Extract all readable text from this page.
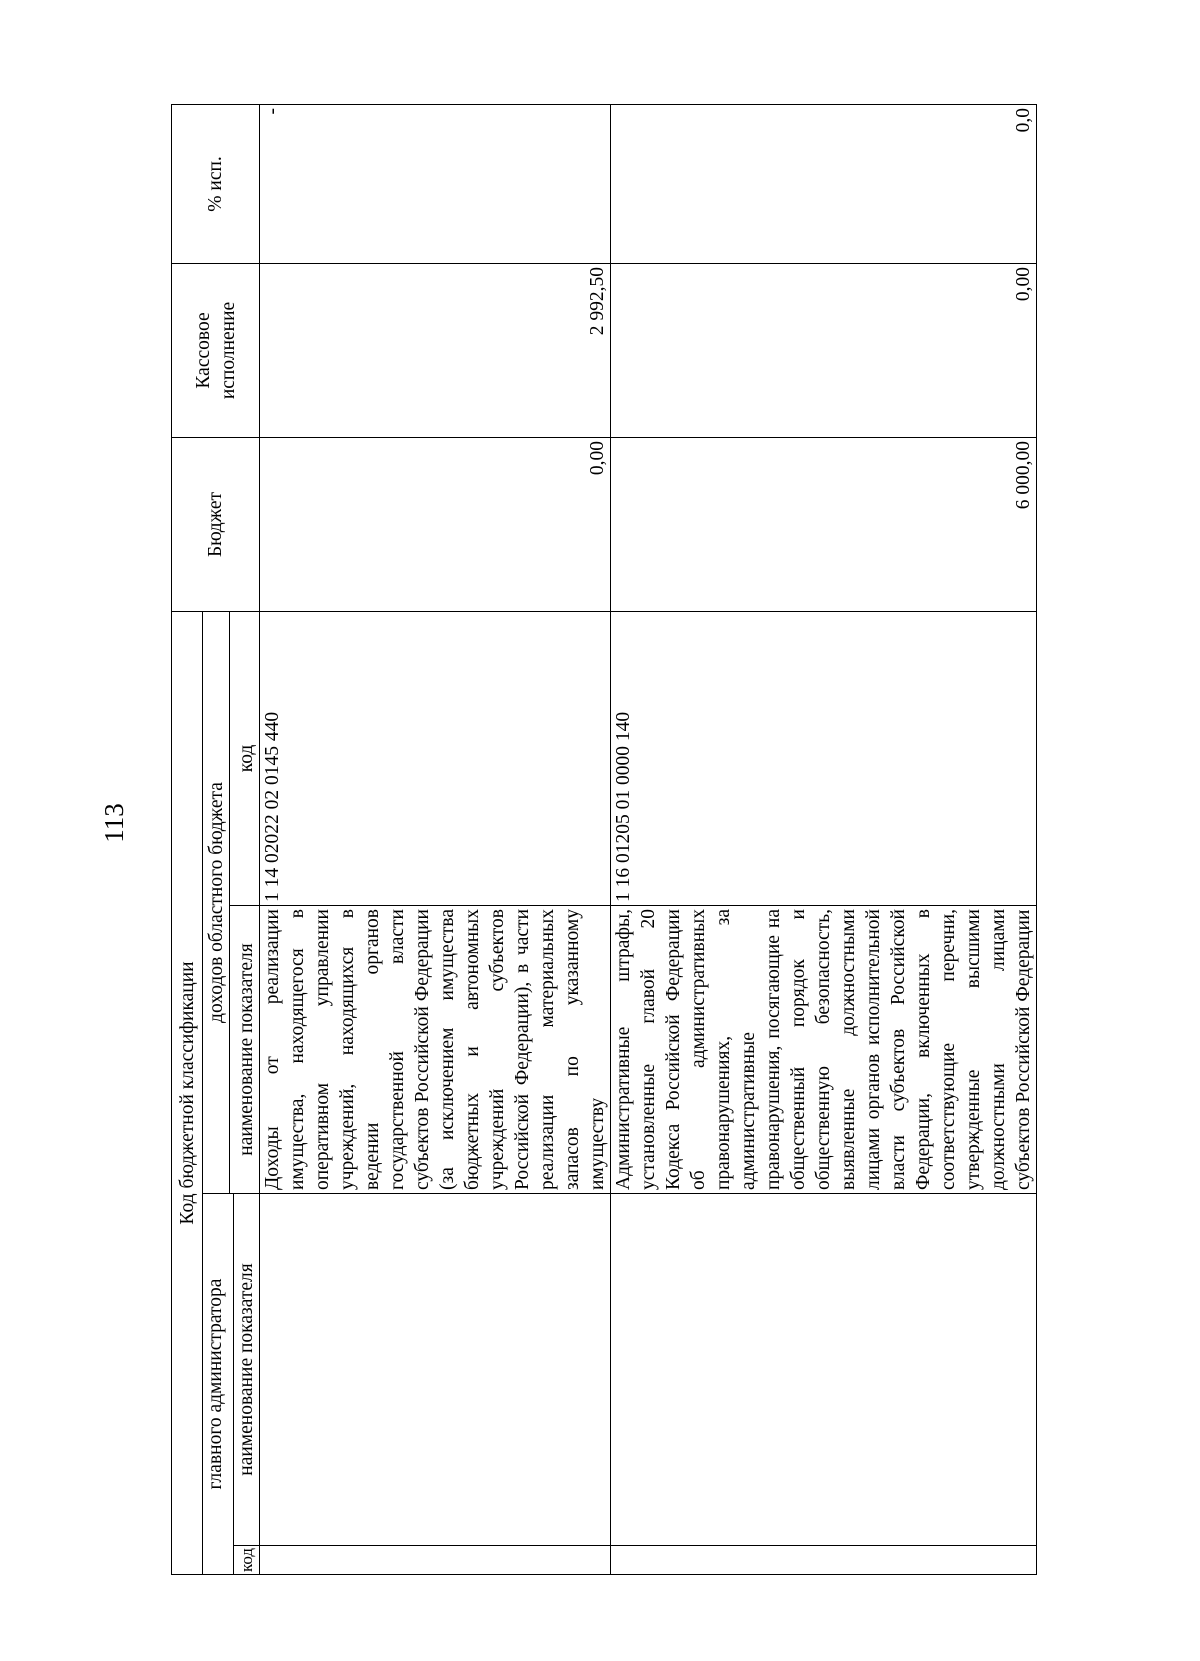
113
Код бюджетной классификации				Бюджет	Кассовое исполнение	% исп.
главного администратора		доходов областного бюджета				
		наименование показателя	код			
код	наименование показателя					
		Доходы от реализации имущества, находящегося в оперативном управлении учреждений, находящихся в ведении органов государственной власти субъектов Российской Федерации (за исключением имущества бюджетных и автономных учреждений субъектов Российской Федерации), в части реализации материальных запасов по указанному имуществу	1 14 02022 02 0145 440	0,00	2 992,50	-
		Административные штрафы, установленные главой 20 Кодекса Российской Федерации об административных правонарушениях, за административные правонарушения, посягающие на общественный порядок и общественную безопасность, выявленные должностными лицами органов исполнительной власти субъектов Российской Федерации, включенных в соответствующие перечни, утвержденные высшими должностными лицами субъектов Российской Федерации	1 16 01205 01 0000 140	6 000,00	0,00	0,0
